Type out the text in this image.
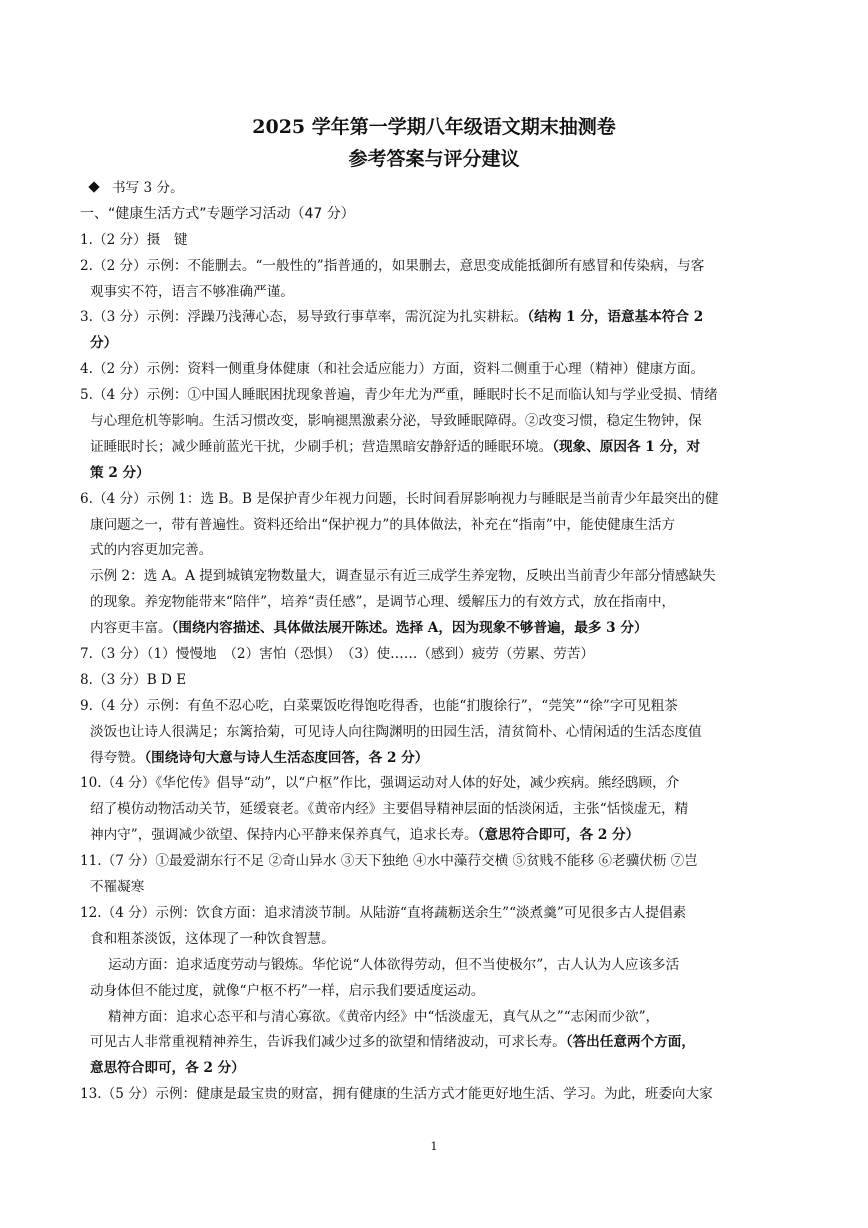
2025 学年第一学期八年级语文期末抽测卷
参考答案与评分建议
书写 3 分。
一、“健康生活方式”专题学习活动（47 分）
1.（2 分）摄　键
2.（2 分）示例：不能删去。“一般性的”指普通的，如果删去，意思变成能抵御所有感冒和传染病，与客
观事实不符，语言不够准确严谨。
3.（3 分）示例：浮躁乃浅薄心态，易导致行事草率，需沉淀为扎实耕耘。（结构 1 分，语意基本符合 2
分）
4.（2 分）示例：资料一侧重身体健康（和社会适应能力）方面，资料二侧重于心理（精神）健康方面。
5.（4 分）示例：①中国人睡眠困扰现象普遍，青少年尤为严重，睡眠时长不足而临认知与学业受损、情绪
与心理危机等影响。生活习惯改变，影响褪黑激素分泌，导致睡眠障碍。②改变习惯，稳定生物钟，保
证睡眠时长；减少睡前蓝光干扰，少刷手机；营造黑暗安静舒适的睡眠环境。（现象、原因各 1 分，对
策 2 分）
6.（4 分）示例 1：选 B。B 是保护青少年视力问题，长时间看屏影响视力与睡眠是当前青少年最突出的健
康问题之一，带有普遍性。资料还给出“保护视力”的具体做法，补充在“指南”中，能使健康生活方
式的内容更加完善。
示例 2：选 A。A 提到城镇宠物数量大，调查显示有近三成学生养宠物，反映出当前青少年部分情感缺失
的现象。养宠物能带来“陪伴”，培养“责任感”，是调节心理、缓解压力的有效方式，放在指南中，
内容更丰富。（围绕内容描述、具体做法展开陈述。选择 A，因为现象不够普遍，最多 3 分）
7.（3 分）（1）慢慢地　（2）害怕（恐惧）　（3）使……（感到）疲劳（劳累、劳苦）
8.（3 分）B D E
9.（4 分）示例：有鱼不忍心吃，白菜粟饭吃得饱吃得香，也能“扪腹徐行”，“莞笑”“徐”字可见粗茶
淡饭也让诗人很满足；东篱拾菊，可见诗人向往陶渊明的田园生活，清贫简朴、心情闲适的生活态度值
得夸赞。（围绕诗句大意与诗人生活态度回答，各 2 分）
10.（4 分）《华佗传》倡导“动”，以“户枢”作比，强调运动对人体的好处，减少疾病。熊经鸱顾，介
绍了模仿动物活动关节，延缓衰老。《黄帝内经》主要倡导精神层面的恬淡闲适，主张“恬惔虚无，精
神内守”，强调减少欲望、保持内心平静来保养真气，追求长寿。（意思符合即可，各 2 分）
11.（7 分）①最爱湖东行不足 ②奇山异水 ③天下独绝 ④水中藻荇交横 ⑤贫贱不能移 ⑥老骥伏枥 ⑦岂
不罹凝寒
12.（4 分）示例：饮食方面：追求清淡节制。从陆游“直将蔬粝送余生”“淡煮羹”可见很多古人提倡素
食和粗茶淡饭，这体现了一种饮食智慧。
运动方面：追求适度劳动与锻炼。华佗说“人体欲得劳动，但不当使极尔”，古人认为人应该多活
动身体但不能过度，就像“户枢不朽”一样，启示我们要适度运动。
精神方面：追求心态平和与清心寡欲。《黄帝内经》中“恬淡虚无，真气从之”“志闲而少欲”，
可见古人非常重视精神养生，告诉我们减少过多的欲望和情绪波动，可求长寿。（答出任意两个方面，
意思符合即可，各 2 分）
13.（5 分）示例：健康是最宝贵的财富，拥有健康的生活方式才能更好地生活、学习。为此，班委向大家
1
